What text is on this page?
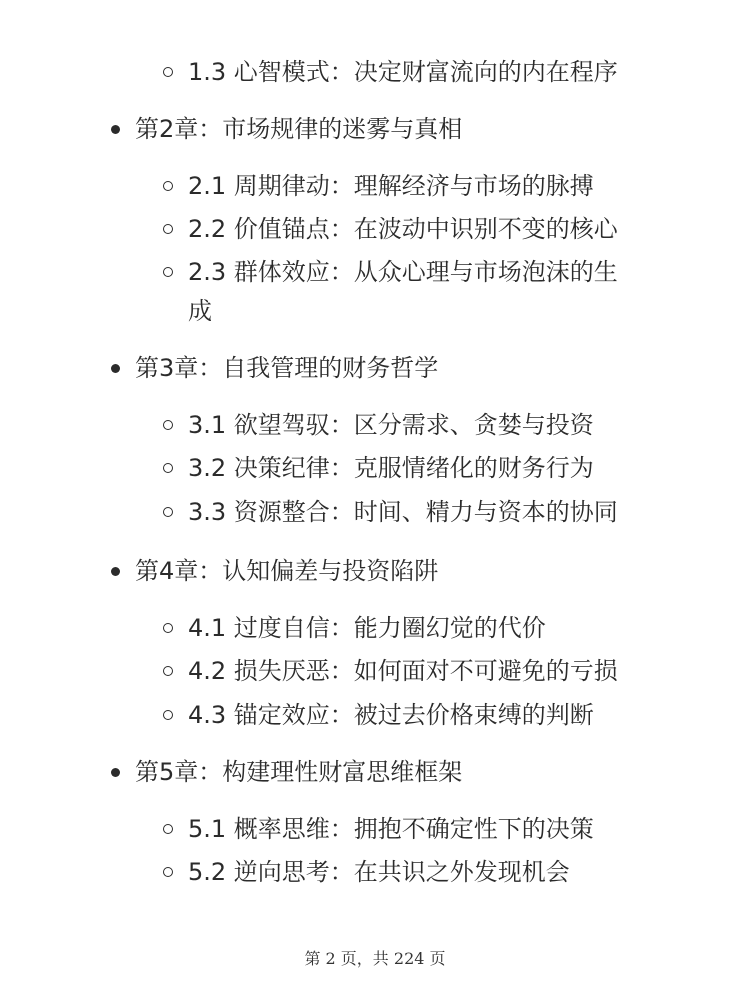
1.3 心智模式：决定财富流向的内在程序
第2章：市场规律的迷雾与真相
2.1 周期律动：理解经济与市场的脉搏
2.2 价值锚点：在波动中识别不变的核心
2.3 群体效应：从众心理与市场泡沫的生
成
第3章：自我管理的财务哲学
3.1 欲望驾驭：区分需求、贪婪与投资
3.2 决策纪律：克服情绪化的财务行为
3.3 资源整合：时间、精力与资本的协同
第4章：认知偏差与投资陷阱
4.1 过度自信：能力圈幻觉的代价
4.2 损失厌恶：如何面对不可避免的亏损
4.3 锚定效应：被过去价格束缚的判断
第5章：构建理性财富思维框架
5.1 概率思维：拥抱不确定性下的决策
5.2 逆向思考：在共识之外发现机会
第 2 页，共 224 页
